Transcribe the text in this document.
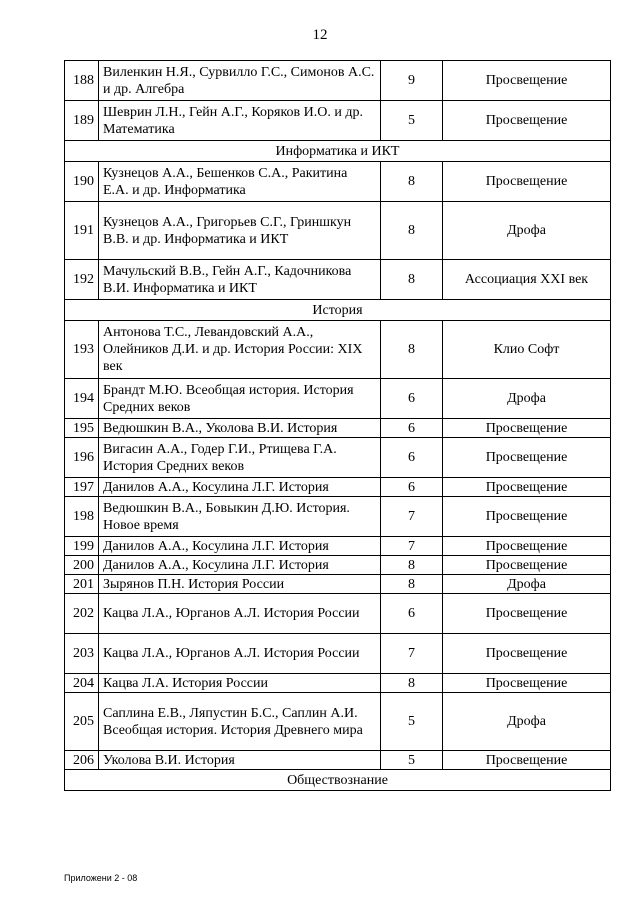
12
188	Виленкин Н.Я., Сурвилло Г.С., Симонов А.С. и др. Алгебра	9	Просвещение
189	Шеврин Л.Н., Гейн А.Г., Коряков И.О. и др. Математика	5	Просвещение
Информатика и ИКТ			
190	Кузнецов А.А., Бешенков С.А., Ракитина Е.А. и др. Информатика	8	Просвещение
191	Кузнецов А.А., Григорьев С.Г., Гриншкун В.В. и др. Информатика и ИКТ	8	Дрофа
192	Мачульский В.В., Гейн А.Г., Кадочникова В.И. Информатика и ИКТ	8	Ассоциация XXI век
История			
193	Антонова Т.С., Левандовский А.А., Олейников Д.И. и др. История России: XIX век	8	Клио Софт
194	Брандт М.Ю. Всеобщая история. История Средних веков	6	Дрофа
195	Ведюшкин В.А., Уколова В.И. История	6	Просвещение
196	Вигасин А.А., Годер Г.И., Ртищева Г.А. История Средних веков	6	Просвещение
197	Данилов А.А., Косулина Л.Г. История	6	Просвещение
198	Ведюшкин В.А., Бовыкин Д.Ю. История. Новое время	7	Просвещение
199	Данилов А.А., Косулина Л.Г. История	7	Просвещение
200	Данилов А.А., Косулина Л.Г. История	8	Просвещение
201	Зырянов П.Н. История России	8	Дрофа
202	Кацва Л.А., Юрганов А.Л. История России	6	Просвещение
203	Кацва Л.А., Юрганов А.Л. История России	7	Просвещение
204	Кацва Л.А. История России	8	Просвещение
205	Саплина Е.В., Ляпустин Б.С., Саплин А.И. Всеобщая история. История Древнего мира	5	Дрофа
206	Уколова В.И. История	5	Просвещение
Обществознание			
Приложени 2 - 08
